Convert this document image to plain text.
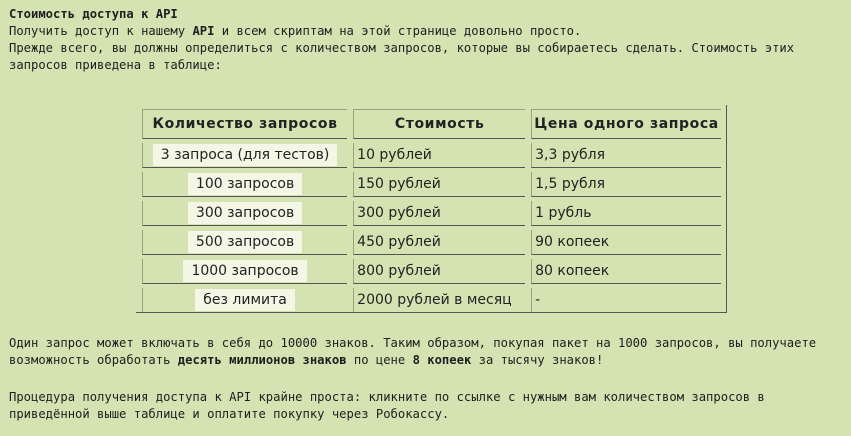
Стоимость доступа к API

Получить доступ к нашему API и всем скриптам на этой странице довольно просто.

Прежде всего, вы должны определиться с количеством запросов, которые вы собираетесь сделать. Стоимость этих запросов приведена в таблице:

Количество запросов	Стоимость	Цена одного запроса
3 запроса (для тестов)	10 рублей	3,3 рубля
100 запросов	150 рублей	1,5 рубля
300 запросов	300 рублей	1 рубль
500 запросов	450 рублей	90 копеек
1000 запросов	800 рублей	80 копеек
без лимита	2000 рублей в месяц	-

Один запрос может включать в себя до 10000 знаков. Таким образом, покупая пакет на 1000 запросов, вы получаете возможность обработать десять миллионов знаков по цене 8 копеек за тысячу знаков!

Процедура получения доступа к API крайне проста: кликните по ссылке с нужным вам количеством запросов в приведённой выше таблице и оплатите покупку через Робокассу.
